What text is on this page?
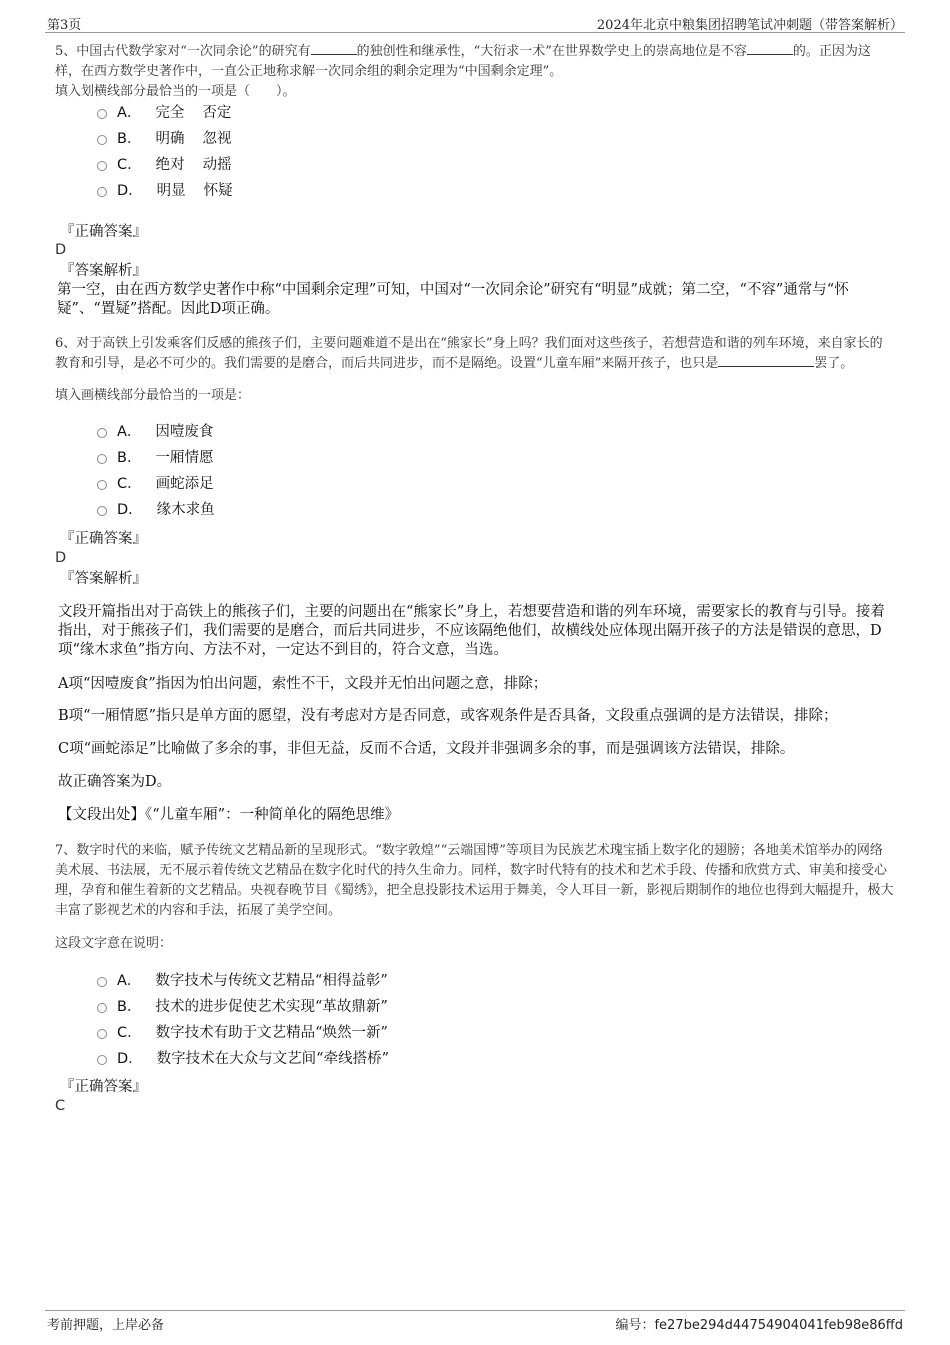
第3页	2024年北京中粮集团招聘笔试冲刺题（带答案解析）
5、中国古代数学家对“一次同余论”的研究有	的独创性和继承性，“大衍求一术”在世界数学史上的崇高地位是不容	的。正因为这
样，在西方数学史著作中，一直公正地称求解一次同余组的剩余定理为“中国剩余定理”。
填入划横线部分最恰当的一项是（　　）。
A． 完全 否定
B． 明确 忽视
C． 绝对 动摇
D． 明显 怀疑
『正确答案』
D
『答案解析』
第一空，由在西方数学史著作中称“中国剩余定理”可知，中国对“一次同余论”研究有“明显”成就；第二空，“不容”通常与“怀疑”、“置疑”搭配。因此D项正确。
6、对于高铁上引发乘客们反感的熊孩子们，主要问题难道不是出在“熊家长”身上吗？我们面对这些孩子，若想营造和谐的列车环境，来自家长的教育和引导，是必不可少的。我们需要的是磨合，而后共同进步，而不是隔绝。设置“儿童车厢”来隔开孩子，也只是	罢了。
填入画横线部分最恰当的一项是：
A． 因噎废食
B． 一厢情愿
C． 画蛇添足
D． 缘木求鱼
『正确答案』
D
『答案解析』
文段开篇指出对于高铁上的熊孩子们，主要的问题出在“熊家长”身上，若想要营造和谐的列车环境，需要家长的教育与引导。接着指出，对于熊孩子们，我们需要的是磨合，而后共同进步，不应该隔绝他们，故横线处应体现出隔开孩子的方法是错误的意思，D项“缘木求鱼”指方向、方法不对，一定达不到目的，符合文意，当选。
A项“因噎废食”指因为怕出问题，索性不干，文段并无怕出问题之意，排除；
B项“一厢情愿”指只是单方面的愿望，没有考虑对方是否同意，或客观条件是否具备，文段重点强调的是方法错误，排除；
C项“画蛇添足”比喻做了多余的事，非但无益，反而不合适，文段并非强调多余的事，而是强调该方法错误，排除。
故正确答案为D。
【文段出处】《“儿童车厢”：一种简单化的隔绝思维》
7、数字时代的来临，赋予传统文艺精品新的呈现形式。“数字敦煌”“云端国博”等项目为民族艺术瑰宝插上数字化的翅膀；各地美术馆举办的网络美术展、书法展，无不展示着传统文艺精品在数字化时代的持久生命力。同样，数字时代特有的技术和艺术手段、传播和欣赏方式、审美和接受心理，孕育和催生着新的文艺精品。央视春晚节目《蜀绣》，把全息投影技术运用于舞美，令人耳目一新，影视后期制作的地位也得到大幅提升，极大丰富了影视艺术的内容和手法，拓展了美学空间。
这段文字意在说明：
A． 数字技术与传统文艺精品“相得益彰”
B． 技术的进步促使艺术实现“革故鼎新”
C． 数字技术有助于文艺精品“焕然一新”
D． 数字技术在大众与文艺间“牵线搭桥”
『正确答案』
C
考前押题，上岸必备	编号：fe27be294d44754904041feb98e86ffd
